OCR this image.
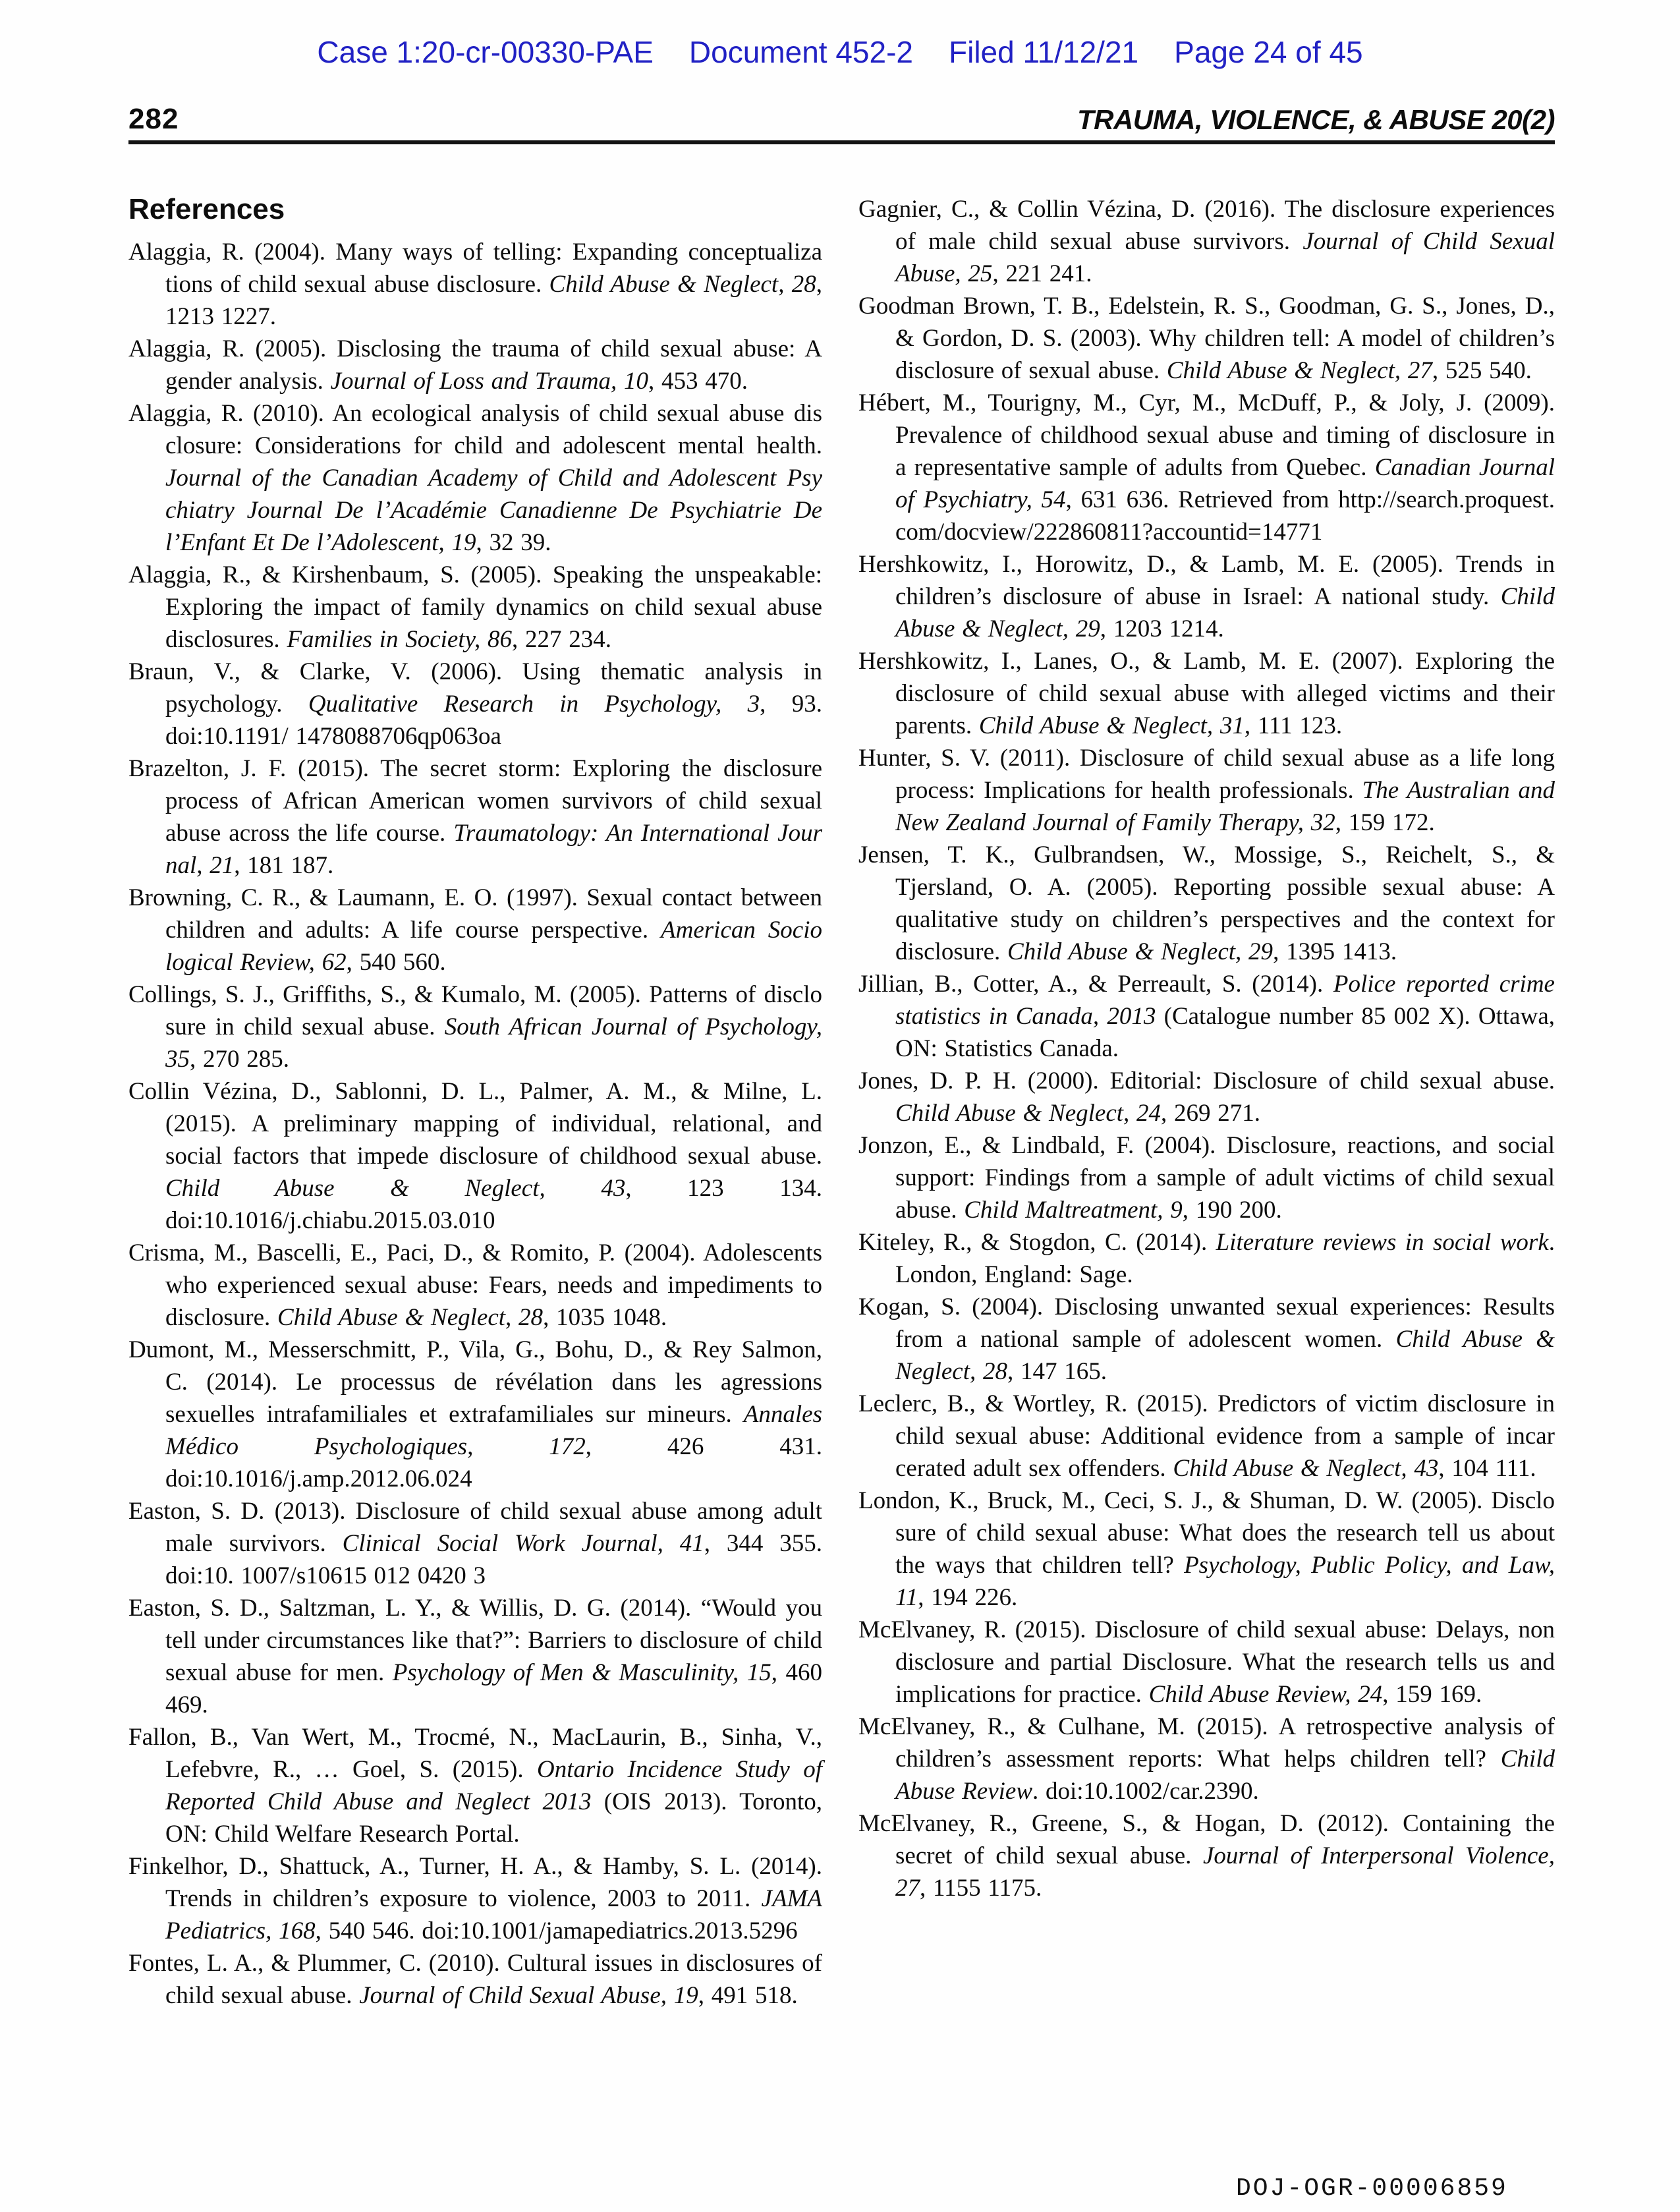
Case 1:20-cr-00330-PAE Document 452-2 Filed 11/12/21 Page 24 of 45
282	TRAUMA, VIOLENCE, & ABUSE 20(2)
References

Alaggia, R. (2004). Many ways of telling: Expanding conceptualiza tions of child sexual abuse disclosure. Child Abuse & Neglect, 28, 1213 1227.

Alaggia, R. (2005). Disclosing the trauma of child sexual abuse: A gender analysis. Journal of Loss and Trauma, 10, 453 470.

Alaggia, R. (2010). An ecological analysis of child sexual abuse dis closure: Considerations for child and adolescent mental health. Journal of the Canadian Academy of Child and Adolescent Psy chiatry Journal De l’Académie Canadienne De Psychiatrie De l’Enfant Et De l’Adolescent, 19, 32 39.

Alaggia, R., & Kirshenbaum, S. (2005). Speaking the unspeakable: Exploring the impact of family dynamics on child sexual abuse disclosures. Families in Society, 86, 227 234.

Braun, V., & Clarke, V. (2006). Using thematic analysis in psychology. Qualitative Research in Psychology, 3, 93. doi:10.1191/ 1478088706qp063oa

Brazelton, J. F. (2015). The secret storm: Exploring the disclosure process of African American women survivors of child sexual abuse across the life course. Traumatology: An International Jour nal, 21, 181 187.

Browning, C. R., & Laumann, E. O. (1997). Sexual contact between children and adults: A life course perspective. American Socio logical Review, 62, 540 560.

Collings, S. J., Griffiths, S., & Kumalo, M. (2005). Patterns of disclo sure in child sexual abuse. South African Journal of Psychology, 35, 270 285.

Collin Vézina, D., Sablonni, D. L., Palmer, A. M., & Milne, L. (2015). A preliminary mapping of individual, relational, and social factors that impede disclosure of childhood sexual abuse. Child Abuse & Neglect, 43, 123 134. doi:10.1016/j.chiabu.2015.03.010

Crisma, M., Bascelli, E., Paci, D., & Romito, P. (2004). Adolescents who experienced sexual abuse: Fears, needs and impediments to disclosure. Child Abuse & Neglect, 28, 1035 1048.

Dumont, M., Messerschmitt, P., Vila, G., Bohu, D., & Rey Salmon, C. (2014). Le processus de révélation dans les agressions sexuelles intrafamiliales et extrafamiliales sur mineurs. Annales Médico Psychologiques, 172, 426 431. doi:10.1016/j.amp.2012.06.024

Easton, S. D. (2013). Disclosure of child sexual abuse among adult male survivors. Clinical Social Work Journal, 41, 344 355. doi:10. 1007/s10615 012 0420 3

Easton, S. D., Saltzman, L. Y., & Willis, D. G. (2014). “Would you tell under circumstances like that?”: Barriers to disclosure of child sexual abuse for men. Psychology of Men & Masculinity, 15, 460 469.

Fallon, B., Van Wert, M., Trocmé, N., MacLaurin, B., Sinha, V., Lefebvre, R., … Goel, S. (2015). Ontario Incidence Study of Reported Child Abuse and Neglect 2013 (OIS 2013). Toronto, ON: Child Welfare Research Portal.

Finkelhor, D., Shattuck, A., Turner, H. A., & Hamby, S. L. (2014). Trends in children’s exposure to violence, 2003 to 2011. JAMA Pediatrics, 168, 540 546. doi:10.1001/jamapediatrics.2013.5296

Fontes, L. A., & Plummer, C. (2010). Cultural issues in disclosures of child sexual abuse. Journal of Child Sexual Abuse, 19, 491 518.

Gagnier, C., & Collin Vézina, D. (2016). The disclosure experiences of male child sexual abuse survivors. Journal of Child Sexual Abuse, 25, 221 241.

Goodman Brown, T. B., Edelstein, R. S., Goodman, G. S., Jones, D., & Gordon, D. S. (2003). Why children tell: A model of children’s disclosure of sexual abuse. Child Abuse & Neglect, 27, 525 540.

Hébert, M., Tourigny, M., Cyr, M., McDuff, P., & Joly, J. (2009). Prevalence of childhood sexual abuse and timing of disclosure in a representative sample of adults from Quebec. Canadian Journal of Psychiatry, 54, 631 636. Retrieved from http://search.proquest. com/docview/222860811?accountid=14771

Hershkowitz, I., Horowitz, D., & Lamb, M. E. (2005). Trends in children’s disclosure of abuse in Israel: A national study. Child Abuse & Neglect, 29, 1203 1214.

Hershkowitz, I., Lanes, O., & Lamb, M. E. (2007). Exploring the disclosure of child sexual abuse with alleged victims and their parents. Child Abuse & Neglect, 31, 111 123.

Hunter, S. V. (2011). Disclosure of child sexual abuse as a life long process: Implications for health professionals. The Australian and New Zealand Journal of Family Therapy, 32, 159 172.

Jensen, T. K., Gulbrandsen, W., Mossige, S., Reichelt, S., & Tjersland, O. A. (2005). Reporting possible sexual abuse: A qualitative study on children’s perspectives and the context for disclosure. Child Abuse & Neglect, 29, 1395 1413.

Jillian, B., Cotter, A., & Perreault, S. (2014). Police reported crime statistics in Canada, 2013 (Catalogue number 85 002 X). Ottawa, ON: Statistics Canada.

Jones, D. P. H. (2000). Editorial: Disclosure of child sexual abuse. Child Abuse & Neglect, 24, 269 271.

Jonzon, E., & Lindbald, F. (2004). Disclosure, reactions, and social support: Findings from a sample of adult victims of child sexual abuse. Child Maltreatment, 9, 190 200.

Kiteley, R., & Stogdon, C. (2014). Literature reviews in social work. London, England: Sage.

Kogan, S. (2004). Disclosing unwanted sexual experiences: Results from a national sample of adolescent women. Child Abuse & Neglect, 28, 147 165.

Leclerc, B., & Wortley, R. (2015). Predictors of victim disclosure in child sexual abuse: Additional evidence from a sample of incar cerated adult sex offenders. Child Abuse & Neglect, 43, 104 111.

London, K., Bruck, M., Ceci, S. J., & Shuman, D. W. (2005). Disclo sure of child sexual abuse: What does the research tell us about the ways that children tell? Psychology, Public Policy, and Law, 11, 194 226.

McElvaney, R. (2015). Disclosure of child sexual abuse: Delays, non disclosure and partial Disclosure. What the research tells us and implications for practice. Child Abuse Review, 24, 159 169.

McElvaney, R., & Culhane, M. (2015). A retrospective analysis of children’s assessment reports: What helps children tell? Child Abuse Review. doi:10.1002/car.2390.

McElvaney, R., Greene, S., & Hogan, D. (2012). Containing the secret of child sexual abuse. Journal of Interpersonal Violence, 27, 1155 1175.

DOJ-OGR-00006859
